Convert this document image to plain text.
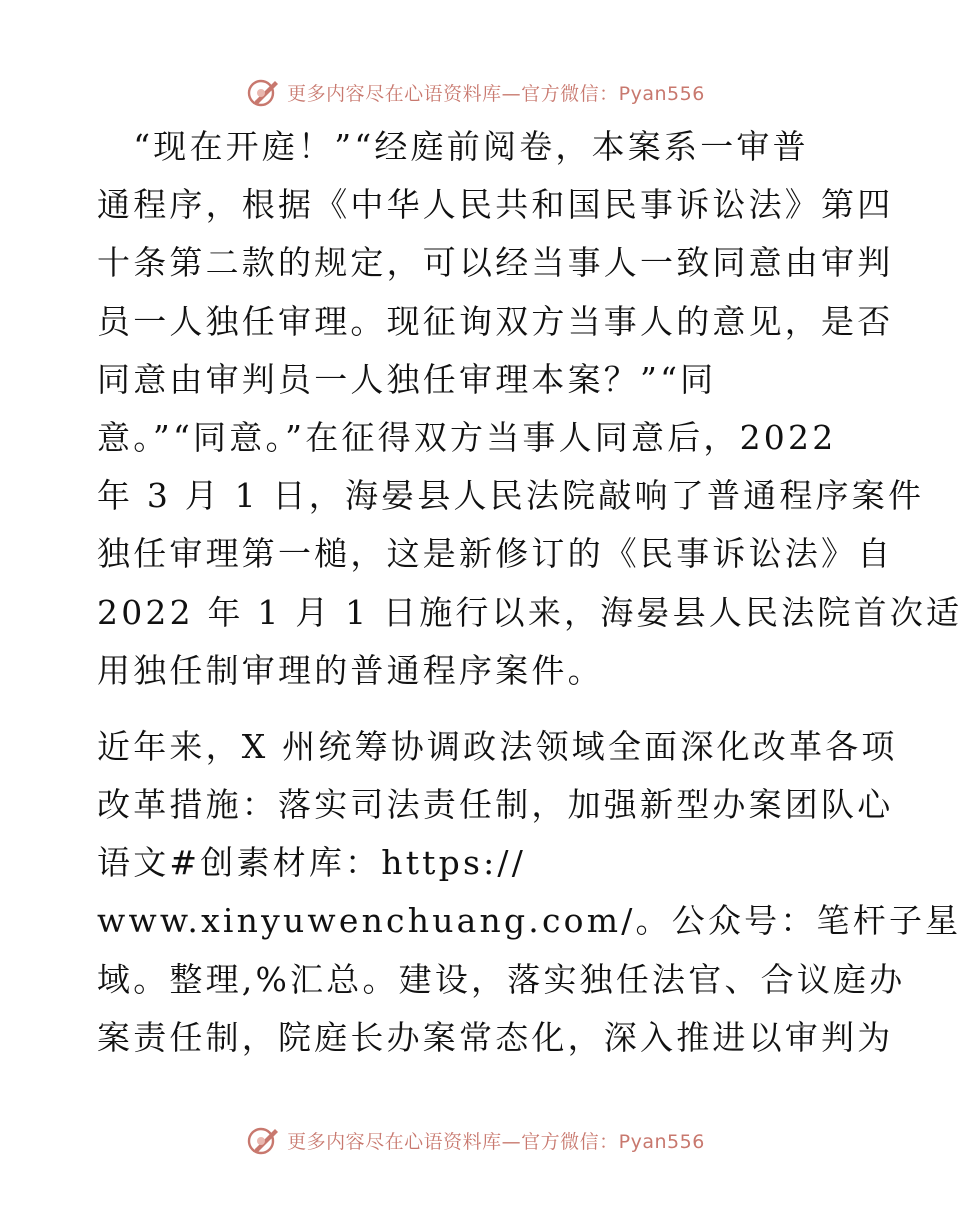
更多内容尽在心语资料库—官方微信：Pyan556
　“现在开庭！”“经庭前阅卷，本案系一审普
通程序，根据《中华人民共和国民事诉讼法》第四
十条第二款的规定，可以经当事人一致同意由审判
员一人独任审理。现征询双方当事人的意见，是否
同意由审判员一人独任审理本案？”“同
意。”“同意。”在征得双方当事人同意后，2022
年 3 月 1 日，海晏县人民法院敲响了普通程序案件
独任审理第一槌，这是新修订的《民事诉讼法》自
2022 年 1 月 1 日施行以来，海晏县人民法院首次适
用独任制审理的普通程序案件。
近年来，X 州统筹协调政法领域全面深化改革各项
改革措施：落实司法责任制，加强新型办案团队心
语文#创素材库：https://
www.xinyuwenchuang.com/。公众号：笔杆子星
域。整理,%汇总。建设，落实独任法官、合议庭办
案责任制，院庭长办案常态化，深入推进以审判为
更多内容尽在心语资料库—官方微信：Pyan556
